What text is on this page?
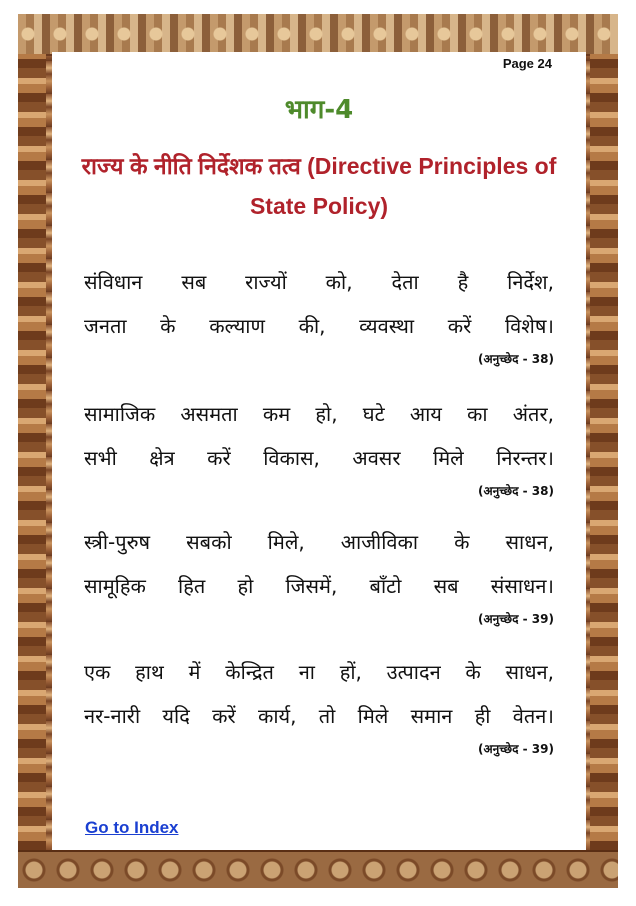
Page 24
भाग-4
राज्य के नीति निर्देशक तत्व (Directive Principles of State Policy)
संविधान सब राज्यों को, देता है निर्देश,
जनता के कल्याण की, व्यवस्था करें विशेष।
(अनुच्छेद - 38)
सामाजिक असमता कम हो, घटे आय का अंतर,
सभी क्षेत्र करें विकास, अवसर मिले निरन्तर।
(अनुच्छेद - 38)
स्त्री-पुरुष सबको मिले, आजीविका के साधन,
सामूहिक हित हो जिसमें, बाँटो सब संसाधन।
(अनुच्छेद - 39)
एक हाथ में केन्द्रित ना हों, उत्पादन के साधन,
नर-नारी यदि करें कार्य, तो मिले समान ही वेतन।
(अनुच्छेद - 39)
Go to Index
